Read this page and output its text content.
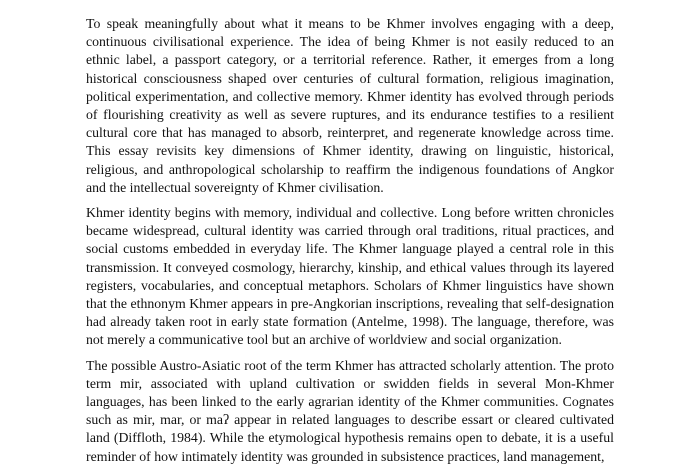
To speak meaningfully about what it means to be Khmer involves engaging with a deep, continuous civilisational experience. The idea of being Khmer is not easily reduced to an ethnic label, a passport category, or a territorial reference. Rather, it emerges from a long historical consciousness shaped over centuries of cultural formation, religious imagination, political experimentation, and collective memory. Khmer identity has evolved through periods of flourishing creativity as well as severe ruptures, and its endurance testifies to a resilient cultural core that has managed to absorb, reinterpret, and regenerate knowledge across time. This essay revisits key dimensions of Khmer identity, drawing on linguistic, historical, religious, and anthropological scholarship to reaffirm the indigenous foundations of Angkor and the intellectual sovereignty of Khmer civilisation.

Khmer identity begins with memory, individual and collective. Long before written chronicles became widespread, cultural identity was carried through oral traditions, ritual practices, and social customs embedded in everyday life. The Khmer language played a central role in this transmission. It conveyed cosmology, hierarchy, kinship, and ethical values through its layered registers, vocabularies, and conceptual metaphors. Scholars of Khmer linguistics have shown that the ethnonym Khmer appears in pre-Angkorian inscriptions, revealing that self-designation had already taken root in early state formation (Antelme, 1998). The language, therefore, was not merely a communicative tool but an archive of worldview and social organization.

The possible Austro-Asiatic root of the term Khmer has attracted scholarly attention. The proto term mir, associated with upland cultivation or swidden fields in several Mon-Khmer languages, has been linked to the early agrarian identity of the Khmer communities. Cognates such as mir, mar, or maʔ appear in related languages to describe essart or cleared cultivated land (Diffloth, 1984). While the etymological hypothesis remains open to debate, it is a useful reminder of how intimately identity was grounded in subsistence practices, land management,
